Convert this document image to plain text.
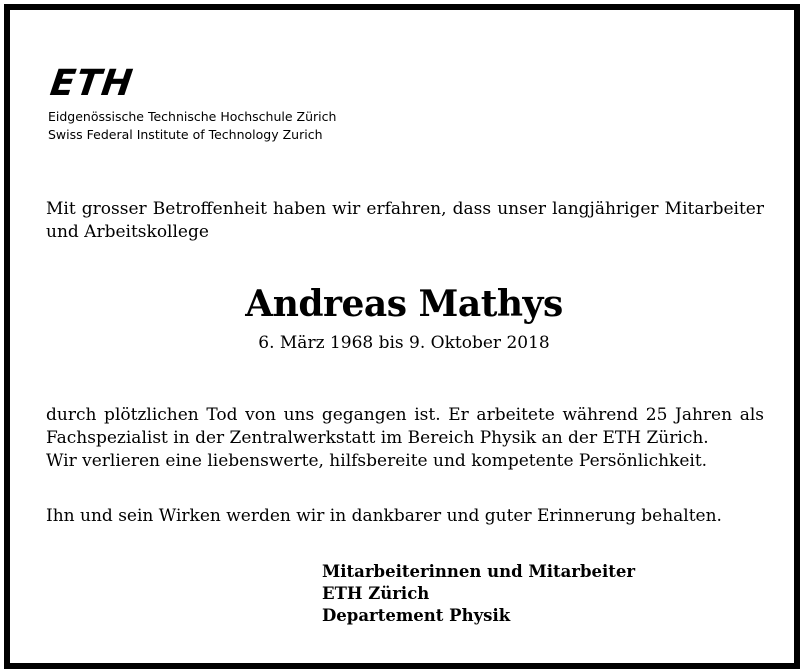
ETH
Eidgenössische Technische Hochschule Zürich
Swiss Federal Institute of Technology Zurich
Mit grosser Betroffenheit haben wir erfahren, dass unser langjähriger Mitarbeiter
und Arbeitskollege
Andreas Mathys
6. März 1968 bis 9. Oktober 2018
durch plötzlichen Tod von uns gegangen ist. Er arbeitete während 25 Jahren als
Fachspezialist in der Zentralwerkstatt im Bereich Physik an der ETH Zürich.
Wir verlieren eine liebenswerte, hilfsbereite und kompetente Persönlichkeit.
Ihn und sein Wirken werden wir in dankbarer und guter Erinnerung behalten.
Mitarbeiterinnen und Mitarbeiter
ETH Zürich
Departement Physik
